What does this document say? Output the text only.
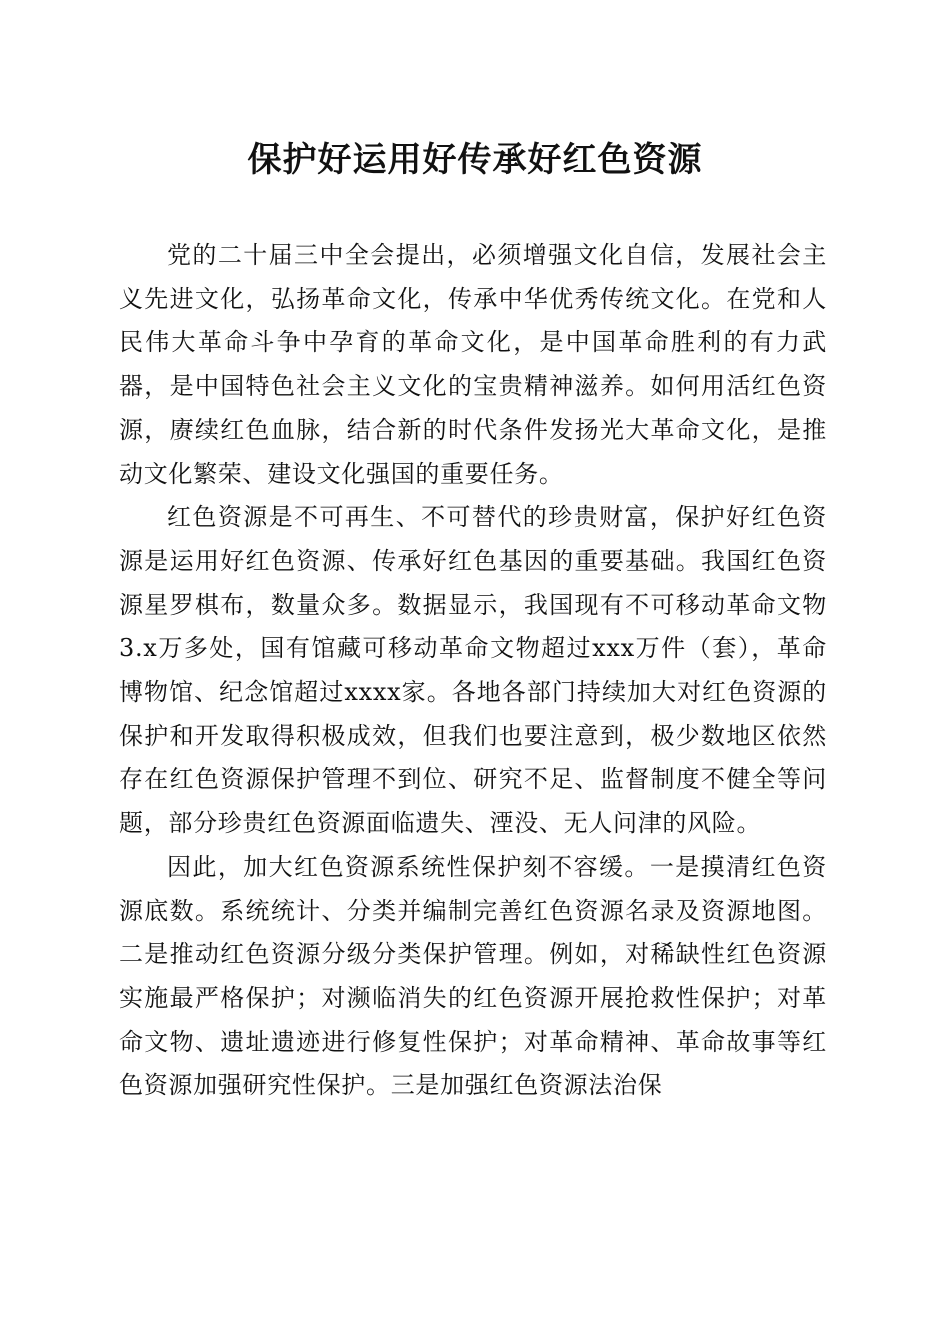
保护好运用好传承好红色资源

党的二十届三中全会提出，必须增强文化自信，发展社会主义先进文化，弘扬革命文化，传承中华优秀传统文化。在党和人民伟大革命斗争中孕育的革命文化，是中国革命胜利的有力武器，是中国特色社会主义文化的宝贵精神滋养。如何用活红色资源，赓续红色血脉，结合新的时代条件发扬光大革命文化，是推动文化繁荣、建设文化强国的重要任务。

红色资源是不可再生、不可替代的珍贵财富，保护好红色资源是运用好红色资源、传承好红色基因的重要基础。我国红色资源星罗棋布，数量众多。数据显示，我国现有不可移动革命文物3.x万多处，国有馆藏可移动革命文物超过xxx万件（套），革命博物馆、纪念馆超过xxxx家。各地各部门持续加大对红色资源的保护和开发取得积极成效，但我们也要注意到，极少数地区依然存在红色资源保护管理不到位、研究不足、监督制度不健全等问题，部分珍贵红色资源面临遗失、湮没、无人问津的风险。

因此，加大红色资源系统性保护刻不容缓。一是摸清红色资源底数。系统统计、分类并编制完善红色资源名录及资源地图。二是推动红色资源分级分类保护管理。例如，对稀缺性红色资源实施最严格保护；对濒临消失的红色资源开展抢救性保护；对革命文物、遗址遗迹进行修复性保护；对革命精神、革命故事等红色资源加强研究性保护。三是加强红色资源法治保
